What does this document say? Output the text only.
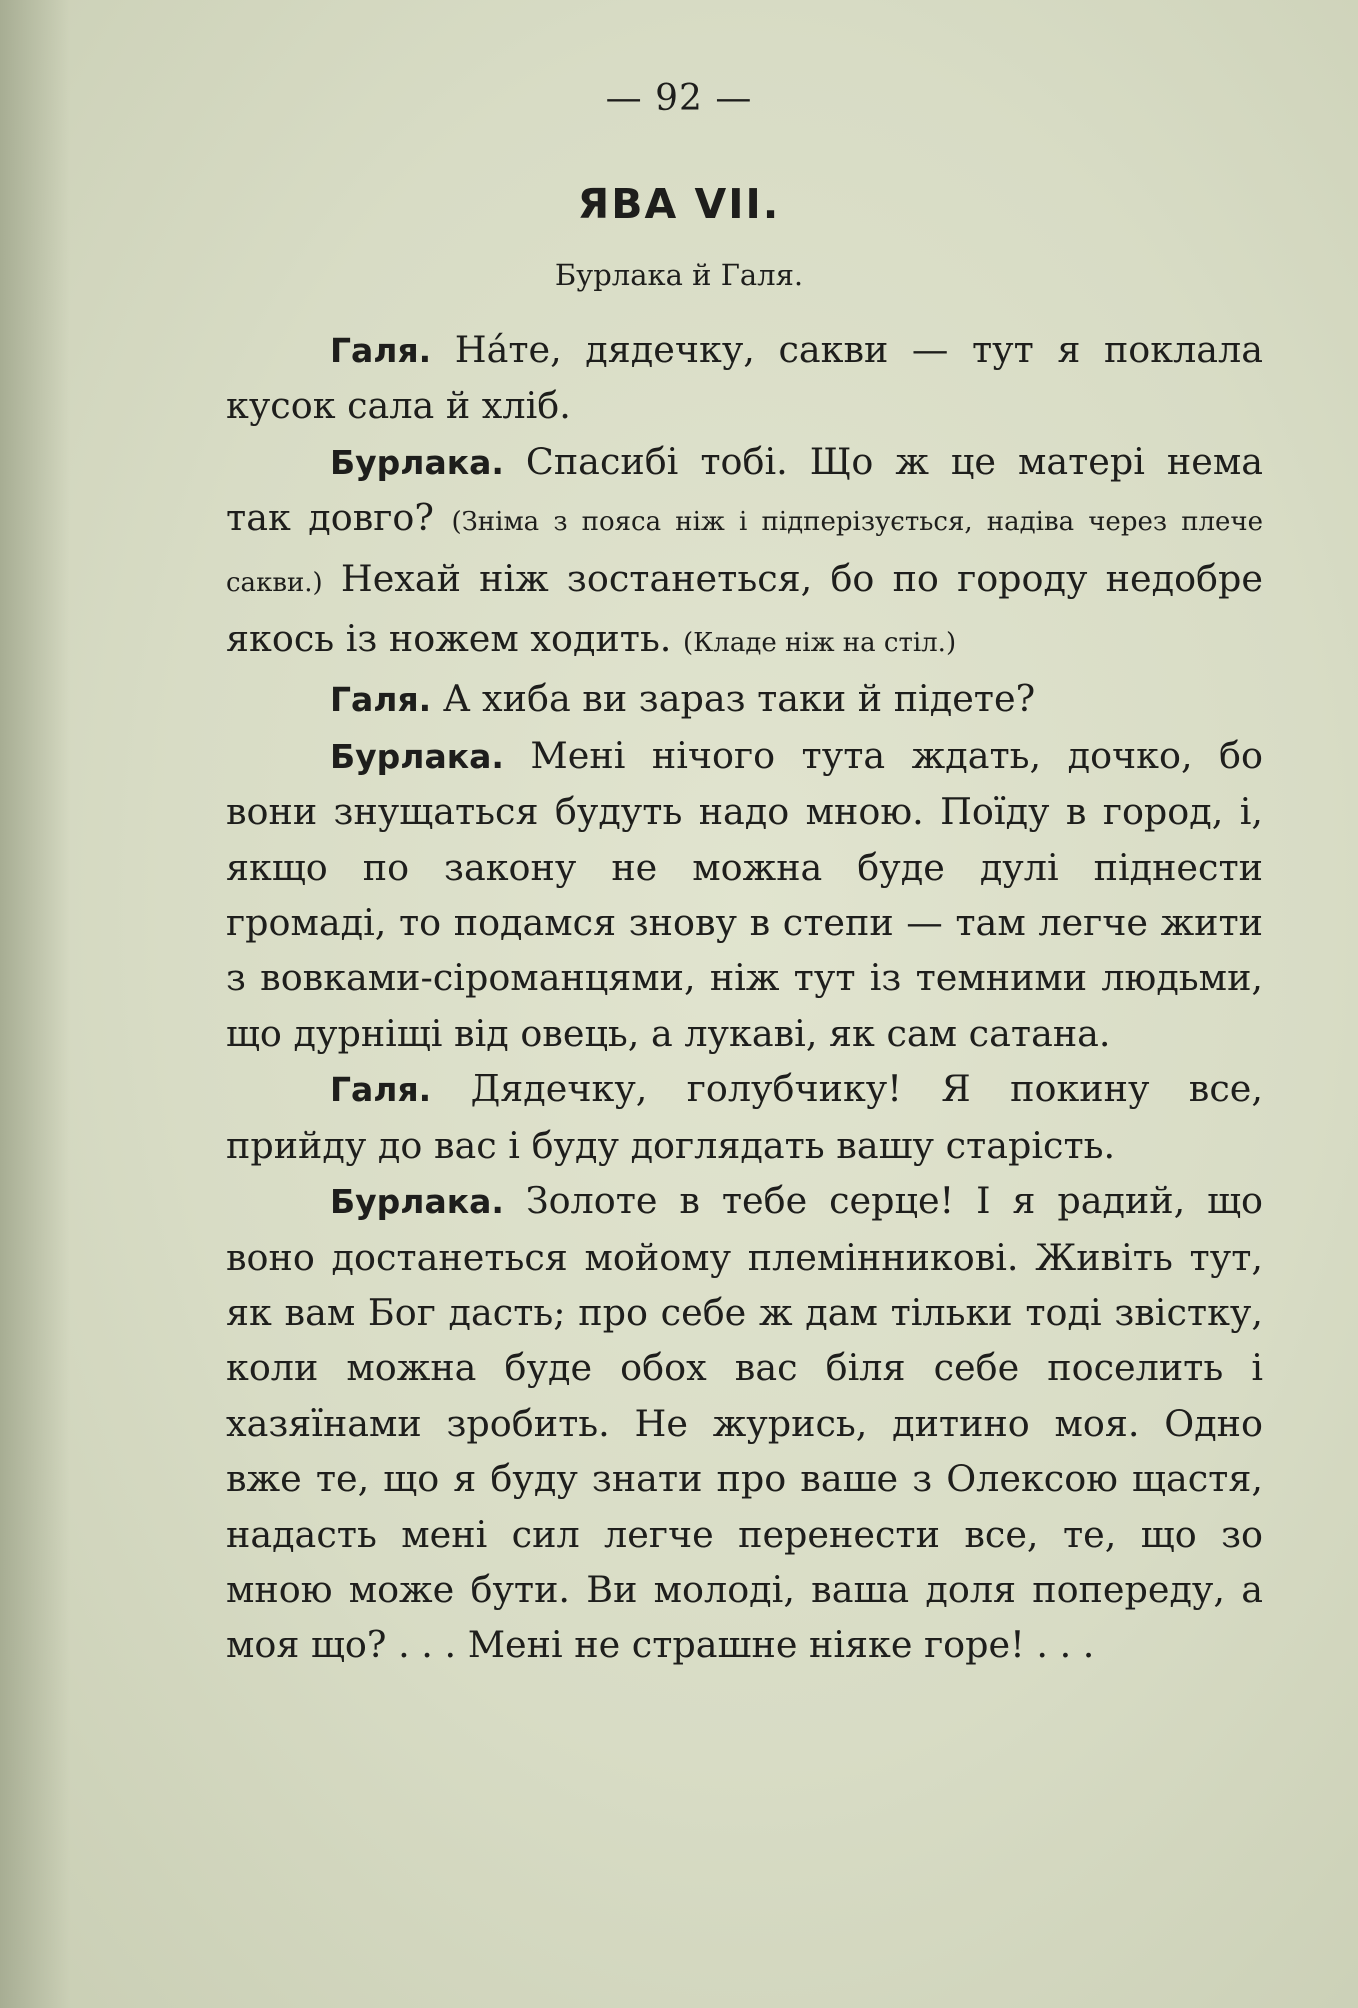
— 92 —
ЯВА VII.
Бурлака й Галя.

Галя. Нáте, дядечку, сакви — тут я поклала кусок сала й хліб.

Бурлака. Спасибі тобі. Що ж це матері нема так довго? (Зніма з пояса ніж і підперізується, надіва через плече сакви.) Нехай ніж зостанеться, бо по городу недобре якось із ножем ходить. (Кладе ніж на стіл.)

Галя. А хиба ви зараз таки й підете?

Бурлака. Мені нічого тута ждать, дочко, бо вони знущаться будуть надо мною. Поїду в город, і, якщо по закону не можна буде дулі піднести громаді, то подамся знову в степи — там легче жити з вовками-сіроманцями, ніж тут із темними людьми, що дурніщі від овець, а лукаві, як сам сатана.

Галя. Дядечку, голубчику! Я покину все, прийду до вас і буду доглядать вашу старість.

Бурлака. Золоте в тебе серце! І я радий, що воно достанеться мойому племінникові. Живіть тут, як вам Бог дасть; про себе ж дам тільки тоді звістку, коли можна буде обох вас біля себе поселить і хазяїнами зробить. Не журись, дитино моя. Одно вже те, що я буду знати про ваше з Олексою щастя, надасть мені сил легче перенести все, те, що зо мною може бути. Ви молоді, ваша доля попереду, а моя що? . . . Мені не страшне ніяке горе! . . .
